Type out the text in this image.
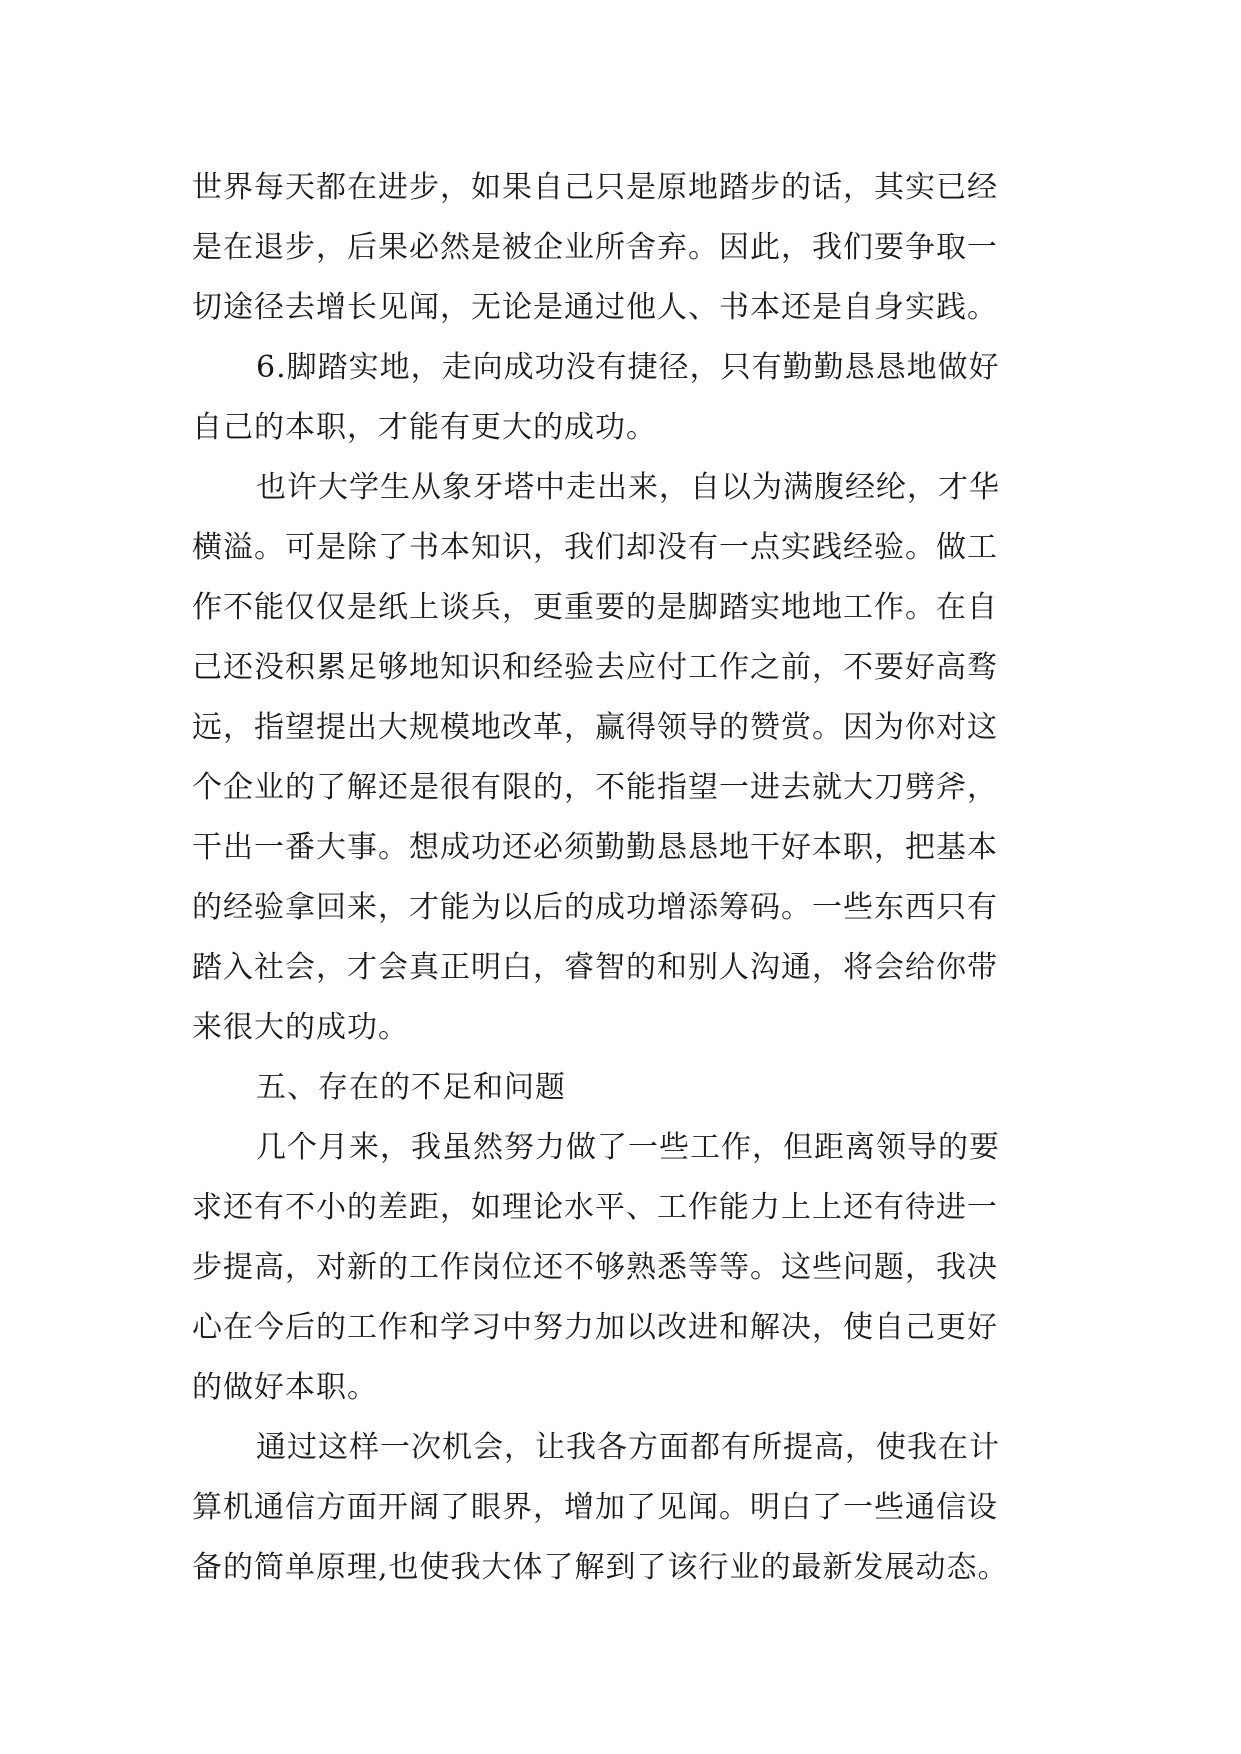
世界每天都在进步，如果自己只是原地踏步的话，其实已经
是在退步，后果必然是被企业所舍弃。因此，我们要争取一
切途径去增长见闻，无论是通过他人、书本还是自身实践。
6.脚踏实地，走向成功没有捷径，只有勤勤恳恳地做好
自己的本职，才能有更大的成功。
也许大学生从象牙塔中走出来，自以为满腹经纶，才华
横溢。可是除了书本知识，我们却没有一点实践经验。做工
作不能仅仅是纸上谈兵，更重要的是脚踏实地地工作。在自
己还没积累足够地知识和经验去应付工作之前，不要好高骛
远，指望提出大规模地改革，赢得领导的赞赏。因为你对这
个企业的了解还是很有限的，不能指望一进去就大刀劈斧，
干出一番大事。想成功还必须勤勤恳恳地干好本职，把基本
的经验拿回来，才能为以后的成功增添筹码。一些东西只有
踏入社会，才会真正明白，睿智的和别人沟通，将会给你带
来很大的成功。
五、存在的不足和问题
几个月来，我虽然努力做了一些工作，但距离领导的要
求还有不小的差距，如理论水平、工作能力上上还有待进一
步提高，对新的工作岗位还不够熟悉等等。这些问题，我决
心在今后的工作和学习中努力加以改进和解决，使自己更好
的做好本职。
通过这样一次机会，让我各方面都有所提高，使我在计
算机通信方面开阔了眼界，增加了见闻。明白了一些通信设
备的简单原理,也使我大体了解到了该行业的最新发展动态。
